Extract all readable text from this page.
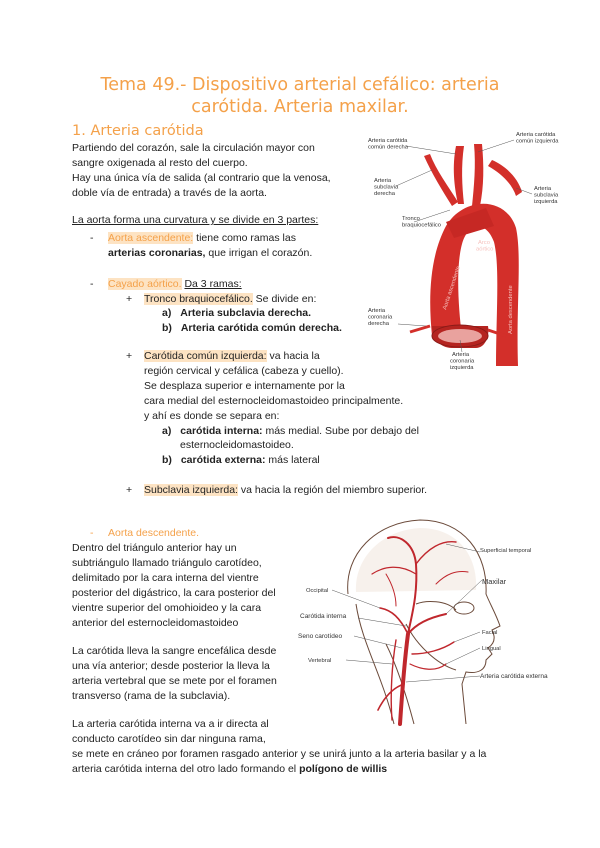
Tema 49.- Dispositivo arterial cefálico: arteria
carótida. Arteria maxilar.
1. Arteria carótida
Partiendo del corazón, sale la circulación mayor con
sangre oxigenada al resto del cuerpo.
Hay una única vía de salida (al contrario que la venosa,
doble vía de entrada) a través de la aorta.
La aorta forma una curvatura y se divide en 3 partes:
- Aorta ascendente: tiene como ramas las
arterias coronarias, que irrigan el corazón.
- Cayado aórtico. Da 3 ramas:
+ Tronco braquiocefálico. Se divide en:
a) Arteria subclavia derecha.
b) Arteria carótida común derecha.
+ Carótida común izquierda: va hacia la
región cervical y cefálica (cabeza y cuello).
Se desplaza superior e internamente por la
cara medial del esternocleidomastoideo principalmente.
y ahí es donde se separa en:
a) carótida interna: más medial. Sube por debajo del
esternocleidomastoideo.
b) carótida externa: más lateral
+ Subclavia izquierda: va hacia la región del miembro superior.
- Aorta descendente.
Dentro del triángulo anterior hay un
subtriángulo llamado triángulo carotídeo,
delimitado por la cara interna del vientre
posterior del digástrico, la cara posterior del
vientre superior del omohioideo y la cara
anterior del esternocleidomastoideo
La carótida lleva la sangre encefálica desde
una vía anterior; desde posterior la lleva la
arteria vertebral que se mete por el foramen
transverso (rama de la subclavia).
La arteria carótida interna va a ir directa al
conducto carotídeo sin dar ninguna rama,
se mete en cráneo por foramen rasgado anterior y se unirá junto a la arteria basilar y a la
arteria carótida interna del otro lado formando el polígono de willis
Arteria carótida común derecha
Arteria carótida común izquierda
Arteria subclavia derecha
Arteria subclavia izquierda
Tronco braquiocefálico
Arco aórtico
Aorta ascendente	Aorta descendente
Arteria coronaria derecha
Arteria coronaria izquierda
Superficial temporal
Maxilar
Occipital
Carótida interna
Seno carotídeo
Vertebral
Facial
Lingual
Arteria carótida externa
